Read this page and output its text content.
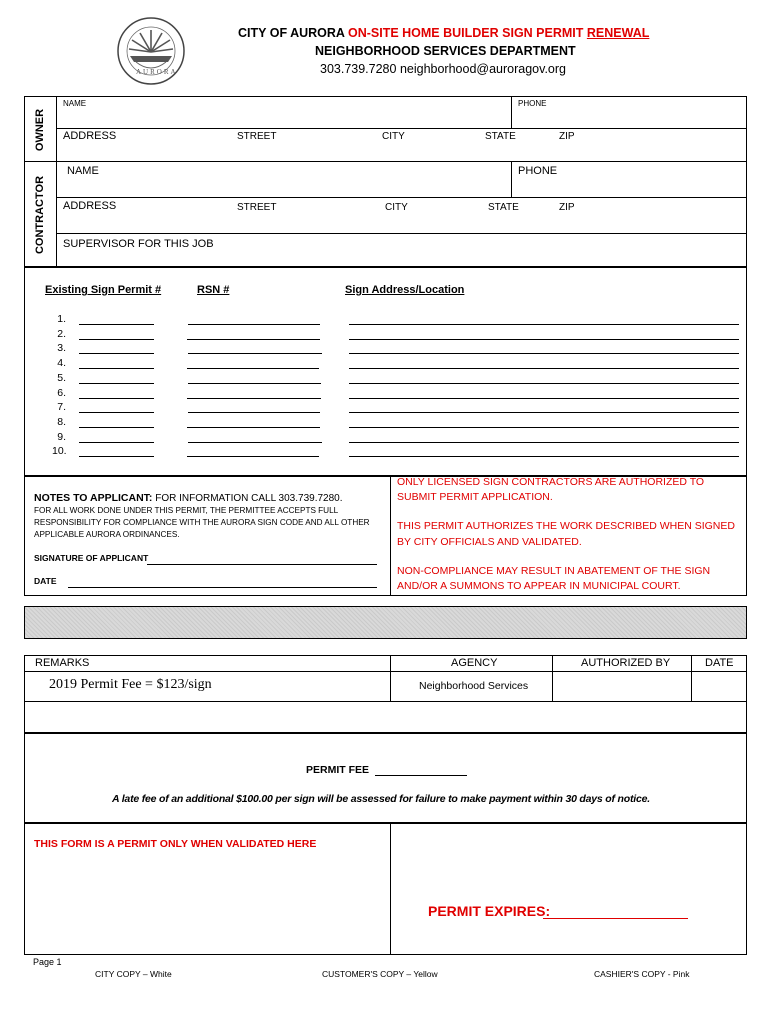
AURORA
CITY OF AURORA ON-SITE HOME BUILDER SIGN PERMIT RENEWAL
NEIGHBORHOOD SERVICES DEPARTMENT
303.739.7280 neighborhood@auroragov.org
OWNER
CONTRACTOR
NAME	PHONE
ADDRESS	STREET	CITY	STATE	ZIP
NAME	PHONE
ADDRESS	STREET	CITY	STATE	ZIP
SUPERVISOR FOR THIS JOB
Existing Sign Permit #	RSN #	Sign Address/Location
1.
2.
3.
4.
5.
6.
7.
8.
9.
10.
NOTES TO APPLICANT: FOR INFORMATION CALL 303.739.7280.
FOR ALL WORK DONE UNDER THIS PERMIT, THE PERMITTEE ACCEPTS FULL
RESPONSIBILITY FOR COMPLIANCE WITH THE AURORA SIGN CODE AND ALL OTHER
APPLICABLE AURORA ORDINANCES.
SIGNATURE OF APPLICANT
DATE
ONLY LICENSED SIGN CONTRACTORS ARE AUTHORIZED TO
SUBMIT PERMIT APPLICATION.
THIS PERMIT AUTHORIZES THE WORK DESCRIBED WHEN SIGNED
BY CITY OFFICIALS AND VALIDATED.
NON-COMPLIANCE MAY RESULT IN ABATEMENT OF THE SIGN
AND/OR A SUMMONS TO APPEAR IN MUNICIPAL COURT.
REMARKS	AGENCY	AUTHORIZED BY	DATE
2019 Permit Fee = $123/sign	Neighborhood Services
PERMIT FEE
A late fee of an additional $100.00 per sign will be assessed for failure to make payment within 30 days of notice.
THIS FORM IS A PERMIT ONLY WHEN VALIDATED HERE
PERMIT EXPIRES:
Page 1
CITY COPY – White	CUSTOMER'S COPY – Yellow	CASHIER'S COPY - Pink
